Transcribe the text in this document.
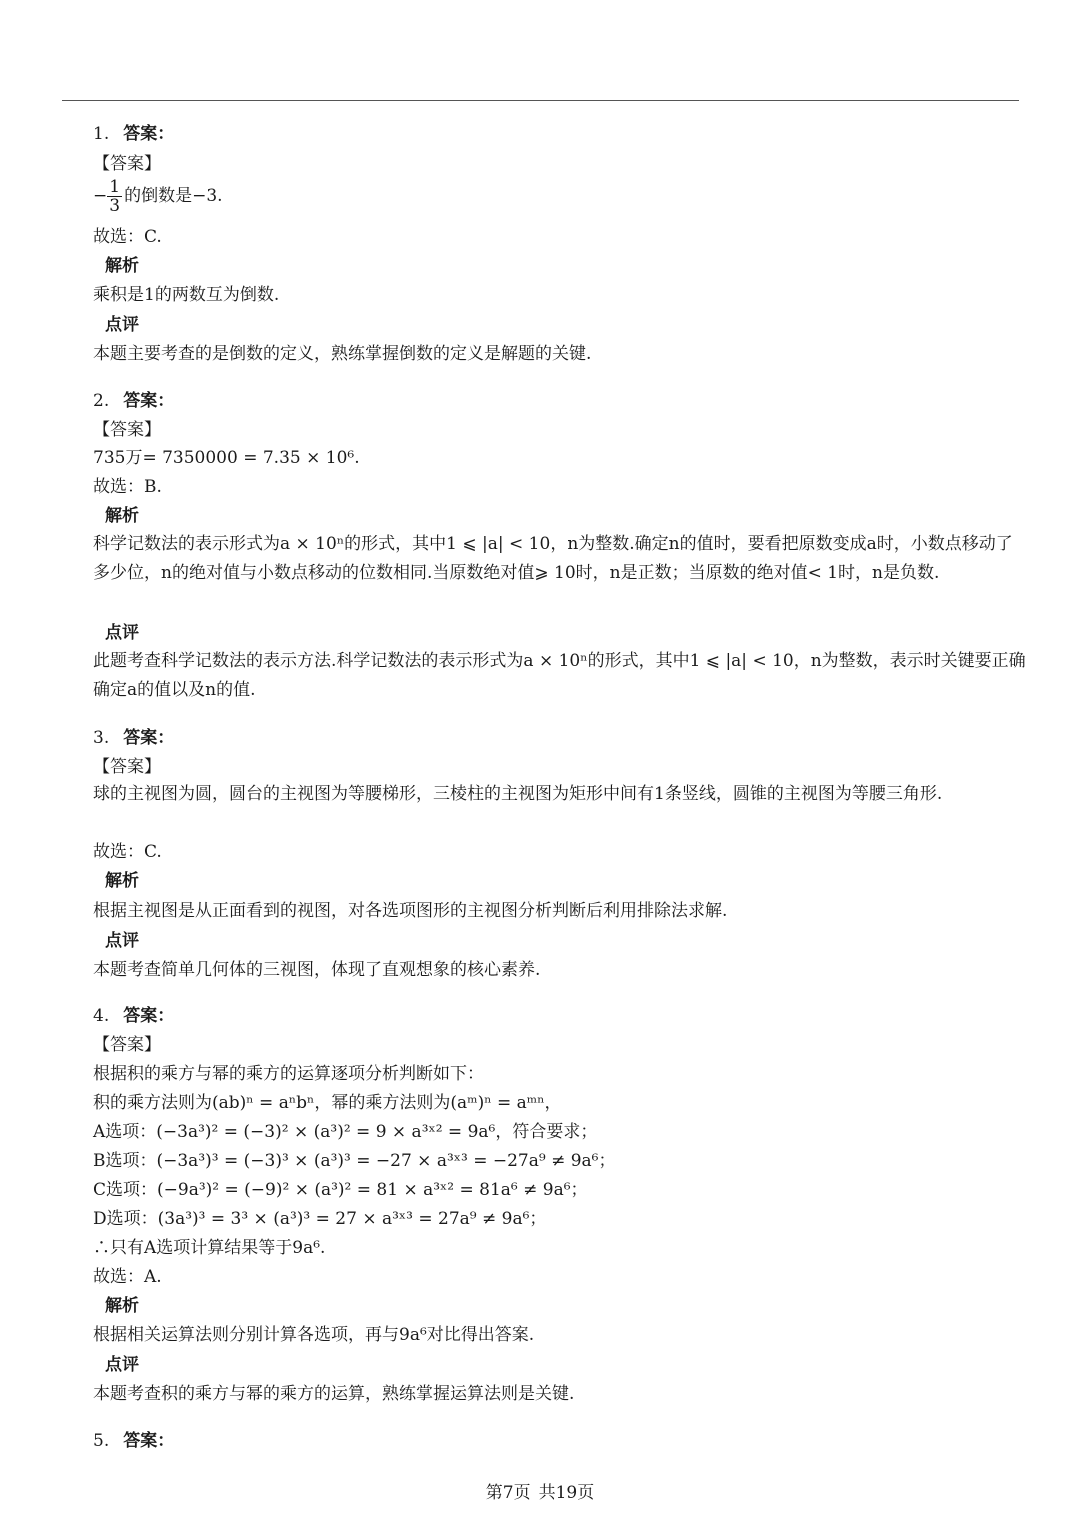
1. 答案：
【答案】
− $\frac{1}{3}$ 的倒数是−3.
故选：C.
解析
乘积是1的两数互为倒数.
点评
本题主要考查的是倒数的定义，熟练掌握倒数的定义是解题的关键.
2. 答案：
【答案】
735万= 7350000 = 7.35 × 10⁶.
故选：B.
解析
科学记数法的表示形式为a × 10ⁿ的形式，其中1 ⩽ |a| < 10，n为整数.确定n的值时，要看把原数变成a时，小数点移动了多少位，n的绝对值与小数点移动的位数相同.当原数绝对值⩾ 10时，n是正数；当原数的绝对值< 1时，n是负数.
点评
此题考查科学记数法的表示方法.科学记数法的表示形式为a × 10ⁿ的形式，其中1 ⩽ |a| < 10，n为整数，表示时关键要正确确定a的值以及n的值.
3. 答案：
【答案】
球的主视图为圆，圆台的主视图为等腰梯形，三棱柱的主视图为矩形中间有1条竖线，圆锥的主视图为等腰三角形.
故选：C.
解析
根据主视图是从正面看到的视图，对各选项图形的主视图分析判断后利用排除法求解.
点评
本题考查简单几何体的三视图，体现了直观想象的核心素养.
4. 答案：
【答案】
根据积的乘方与幂的乘方的运算逐项分析判断如下：
积的乘方法则为(ab)ⁿ = aⁿbⁿ，幂的乘方法则为(aᵐ)ⁿ = aᵐⁿ，
A选项：(−3a³)² = (−3)² × (a³)² = 9 × a³ˣ² = 9a⁶，符合要求；
B选项：(−3a³)³ = (−3)³ × (a³)³ = −27 × a³ˣ³ = −27a⁹ ≠ 9a⁶；
C选项：(−9a³)² = (−9)² × (a³)² = 81 × a³ˣ² = 81a⁶ ≠ 9a⁶；
D选项：(3a³)³ = 3³ × (a³)³ = 27 × a³ˣ³ = 27a⁹ ≠ 9a⁶；
∴只有A选项计算结果等于9a⁶.
故选：A.
解析
根据相关运算法则分别计算各选项，再与9a⁶对比得出答案.
点评
本题考查积的乘方与幂的乘方的运算，熟练掌握运算法则是关键.
5. 答案：
第7页 共19页
